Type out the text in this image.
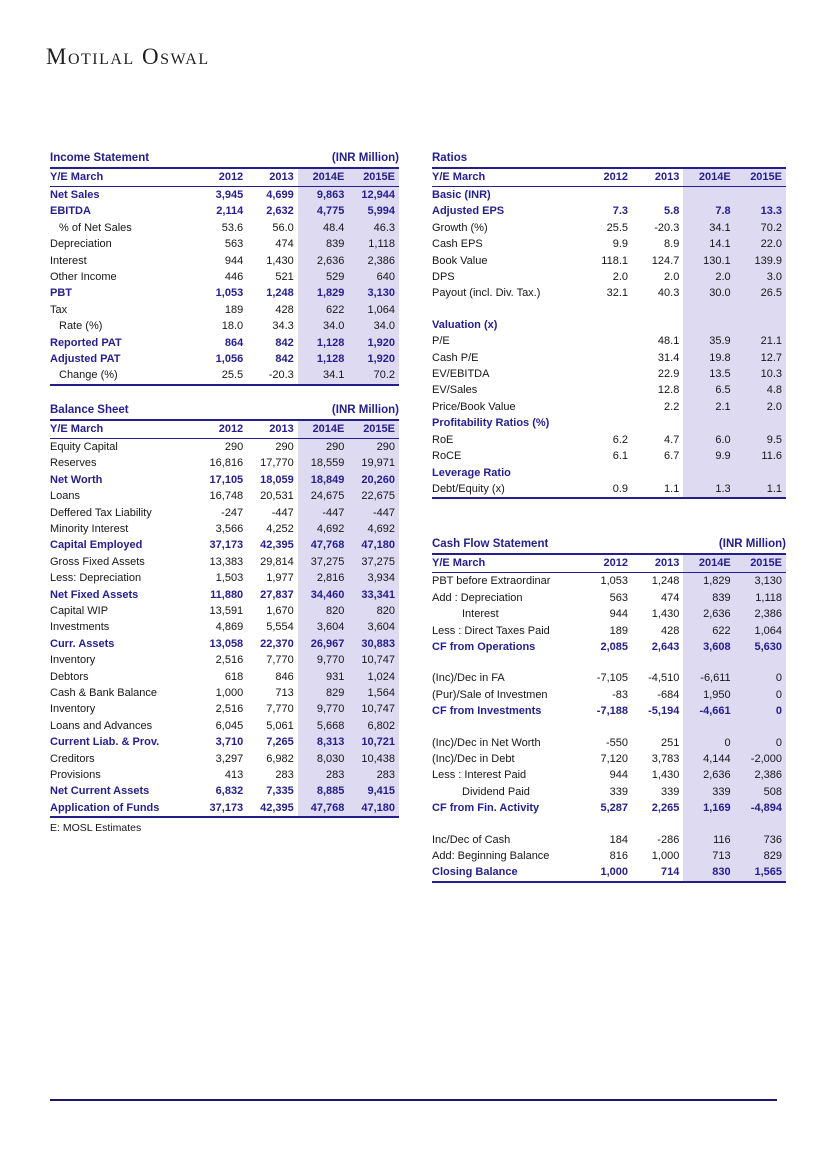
Motilal Oswal
Income Statement	(INR Million)
Y/E March	2012	2013	2014E	2015E
Net Sales	3,945	4,699	9,863	12,944
EBITDA	2,114	2,632	4,775	5,994
% of Net Sales	53.6	56.0	48.4	46.3
Depreciation	563	474	839	1,118
Interest	944	1,430	2,636	2,386
Other Income	446	521	529	640
PBT	1,053	1,248	1,829	3,130
Tax	189	428	622	1,064
Rate (%)	18.0	34.3	34.0	34.0
Reported PAT	864	842	1,128	1,920
Adjusted PAT	1,056	842	1,128	1,920
Change (%)	25.5	-20.3	34.1	70.2
Balance Sheet	(INR Million)
Y/E March	2012	2013	2014E	2015E
Equity Capital	290	290	290	290
Reserves	16,816	17,770	18,559	19,971
Net Worth	17,105	18,059	18,849	20,260
Loans	16,748	20,531	24,675	22,675
Deffered Tax Liability	-247	-447	-447	-447
Minority Interest	3,566	4,252	4,692	4,692
Capital Employed	37,173	42,395	47,768	47,180
Gross Fixed Assets	13,383	29,814	37,275	37,275
Less: Depreciation	1,503	1,977	2,816	3,934
Net Fixed Assets	11,880	27,837	34,460	33,341
Capital WIP	13,591	1,670	820	820
Investments	4,869	5,554	3,604	3,604
Curr. Assets	13,058	22,370	26,967	30,883
Inventory	2,516	7,770	9,770	10,747
Debtors	618	846	931	1,024
Cash & Bank Balance	1,000	713	829	1,564
Inventory	2,516	7,770	9,770	10,747
Loans and Advances	6,045	5,061	5,668	6,802
Current Liab. & Prov.	3,710	7,265	8,313	10,721
Creditors	3,297	6,982	8,030	10,438
Provisions	413	283	283	283
Net Current Assets	6,832	7,335	8,885	9,415
Application of Funds	37,173	42,395	47,768	47,180
E: MOSL Estimates
Ratios
Y/E March	2012	2013	2014E	2015E
Basic (INR)				
Adjusted EPS	7.3	5.8	7.8	13.3
Growth (%)	25.5	-20.3	34.1	70.2
Cash EPS	9.9	8.9	14.1	22.0
Book Value	118.1	124.7	130.1	139.9
DPS	2.0	2.0	2.0	3.0
Payout (incl. Div. Tax.)	32.1	40.3	30.0	26.5

Valuation (x)				
P/E		48.1	35.9	21.1
Cash P/E		31.4	19.8	12.7
EV/EBITDA		22.9	13.5	10.3
EV/Sales		12.8	6.5	4.8
Price/Book Value		2.2	2.1	2.0
Profitability Ratios (%)				
RoE	6.2	4.7	6.0	9.5
RoCE	6.1	6.7	9.9	11.6
Leverage Ratio				
Debt/Equity (x)	0.9	1.1	1.3	1.1
Cash Flow Statement	(INR Million)
Y/E March	2012	2013	2014E	2015E
PBT before Extraordinar	1,053	1,248	1,829	3,130
Add : Depreciation	563	474	839	1,118
Interest	944	1,430	2,636	2,386
Less : Direct Taxes Paid	189	428	622	1,064
CF from Operations	2,085	2,643	3,608	5,630

(Inc)/Dec in FA	-7,105	-4,510	-6,611	0
(Pur)/Sale of Investmen	-83	-684	1,950	0
CF from Investments	-7,188	-5,194	-4,661	0

(Inc)/Dec in Net Worth	-550	251	0	0
(Inc)/Dec in Debt	7,120	3,783	4,144	-2,000
Less : Interest Paid	944	1,430	2,636	2,386
Dividend Paid	339	339	339	508
CF from Fin. Activity	5,287	2,265	1,169	-4,894

Inc/Dec of Cash	184	-286	116	736
Add: Beginning Balance	816	1,000	713	829
Closing Balance	1,000	714	830	1,565
